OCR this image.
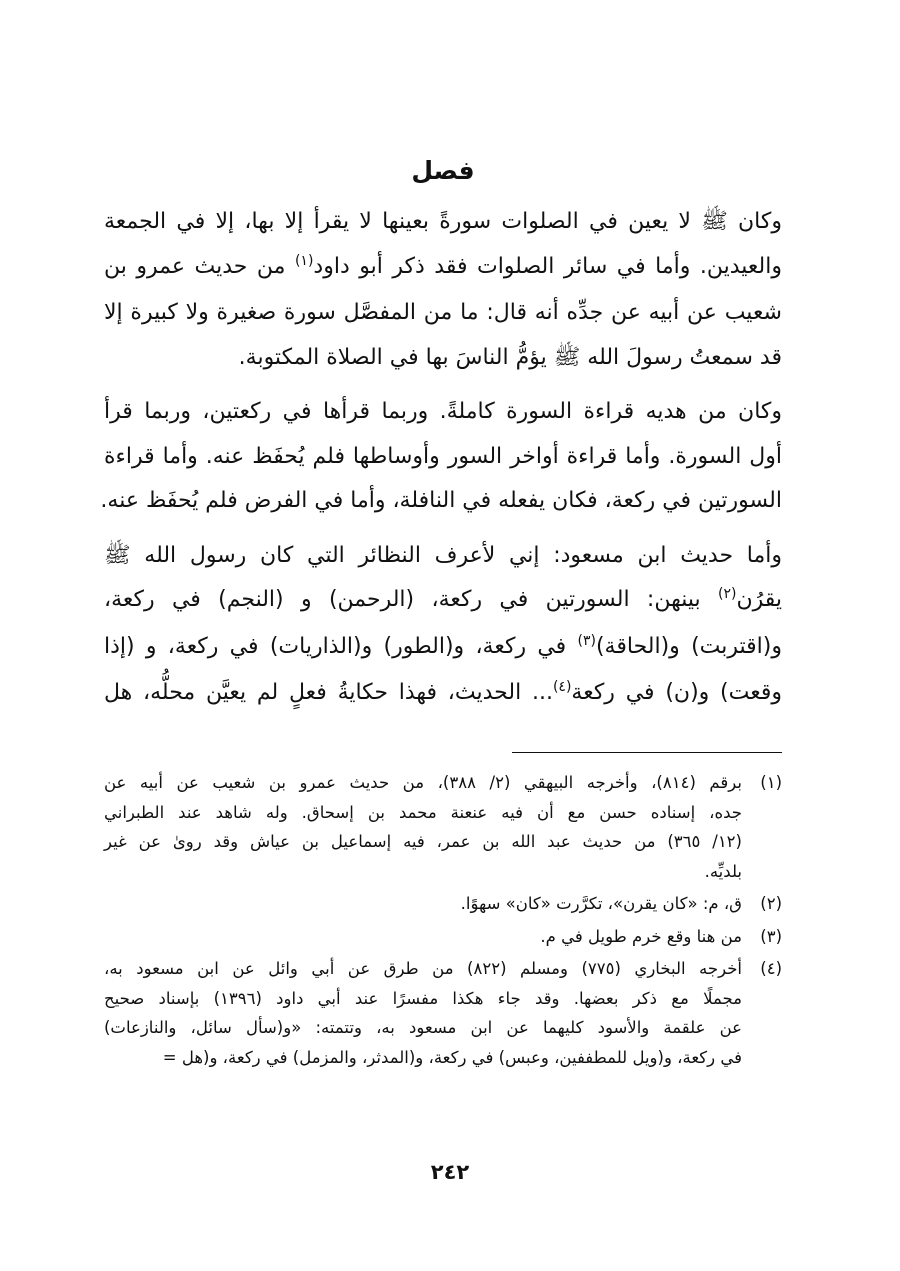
فصل
وكان ﷺ لا يعين في الصلوات سورةً بعينها لا يقرأ إلا بها، إلا في الجمعة
والعيدين. وأما في سائر الصلوات فقد ذكر أبو داود$^{(١)}$ من حديث عمرو بن
شعيب عن أبيه عن جدِّه أنه قال: ما من المفصَّل سورة صغيرة ولا كبيرة إلا
قد سمعتُ رسولَ الله ﷺ يؤمُّ الناسَ بها في الصلاة المكتوبة.
وكان من هديه قراءة السورة كاملةً. وربما قرأها في ركعتين، وربما قرأ
أول السورة. وأما قراءة أواخر السور وأوساطها فلم يُحفَظ عنه. وأما قراءة
السورتين في ركعة، فكان يفعله في النافلة، وأما في الفرض فلم يُحفَظ عنه.
وأما حديث ابن مسعود: إني لأعرف النظائر التي كان رسول الله ﷺ
يقرُن$^{(٢)}$ بينهن: السورتين في ركعة، (الرحمن) و (النجم) في ركعة،
و(اقتربت) و(الحاقة)$^{(٣)}$ في ركعة، و(الطور) و(الذاريات) في ركعة، و (إذا
وقعت) و(ن) في ركعة$^{(٤)}$... الحديث، فهذا حكايةُ فعلٍ لم يعيَّن محلُّه، هل
(١)
برقم (٨١٤)، وأخرجه البيهقي (٢/ ٣٨٨)، من حديث عمرو بن شعيب عن أبيه عن
جده، إسناده حسن مع أن فيه عنعنة محمد بن إسحاق. وله شاهد عند الطبراني
(١٢/ ٣٦٥) من حديث عبد الله بن عمر، فيه إسماعيل بن عياش وقد روىٰ عن غير
بلديِّه.
(٢)
ق، م: «كان يقرن»، تكرَّرت «كان» سهوًا.
(٣)
من هنا وقع خرم طويل في م.
(٤)
أخرجه البخاري (٧٧٥) ومسلم (٨٢٢) من طرق عن أبي وائل عن ابن مسعود به،
مجملًا مع ذكر بعضها. وقد جاء هكذا مفسرًا عند أبي داود (١٣٩٦) بإسناد صحيح
عن علقمة والأسود كليهما عن ابن مسعود به، وتتمته: «و(سأل سائل، والنازعات)
في ركعة، و(ويل للمطففين، وعبس) في ركعة، و(المدثر، والمزمل) في ركعة، و(هل =
٢٤٢
